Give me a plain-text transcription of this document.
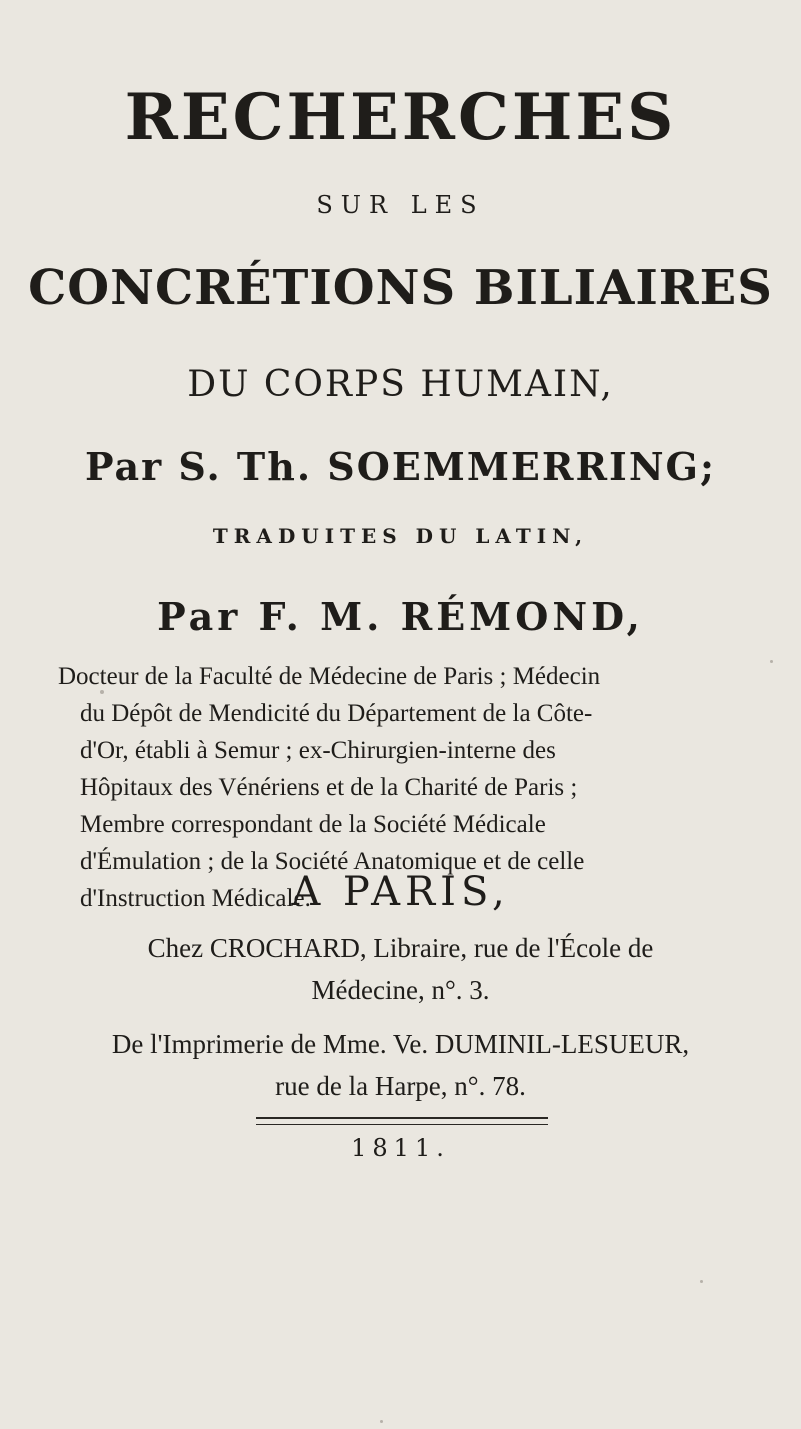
RECHERCHES
SUR LES
CONCRÉTIONS BILIAIRES
DU CORPS HUMAIN,
Par S. Th. SOEMMERRING;
TRADUITES DU LATIN,
Par F. M. RÉMOND,
Docteur de la Faculté de Médecine de Paris ; Médecin
du Dépôt de Mendicité du Département de la Côte-
d'Or, établi à Semur ; ex-Chirurgien-interne des
Hôpitaux des Vénériens et de la Charité de Paris ;
Membre correspondant de la Société Médicale
d'Émulation ; de la Société Anatomique et de celle
d'Instruction Médicale.
A PARIS,
Chez CROCHARD, Libraire, rue de l'École de
Médecine, n°. 3.
De l'Imprimerie de Mme. Ve. DUMINIL-LESUEUR,
rue de la Harpe, n°. 78.
1811.
